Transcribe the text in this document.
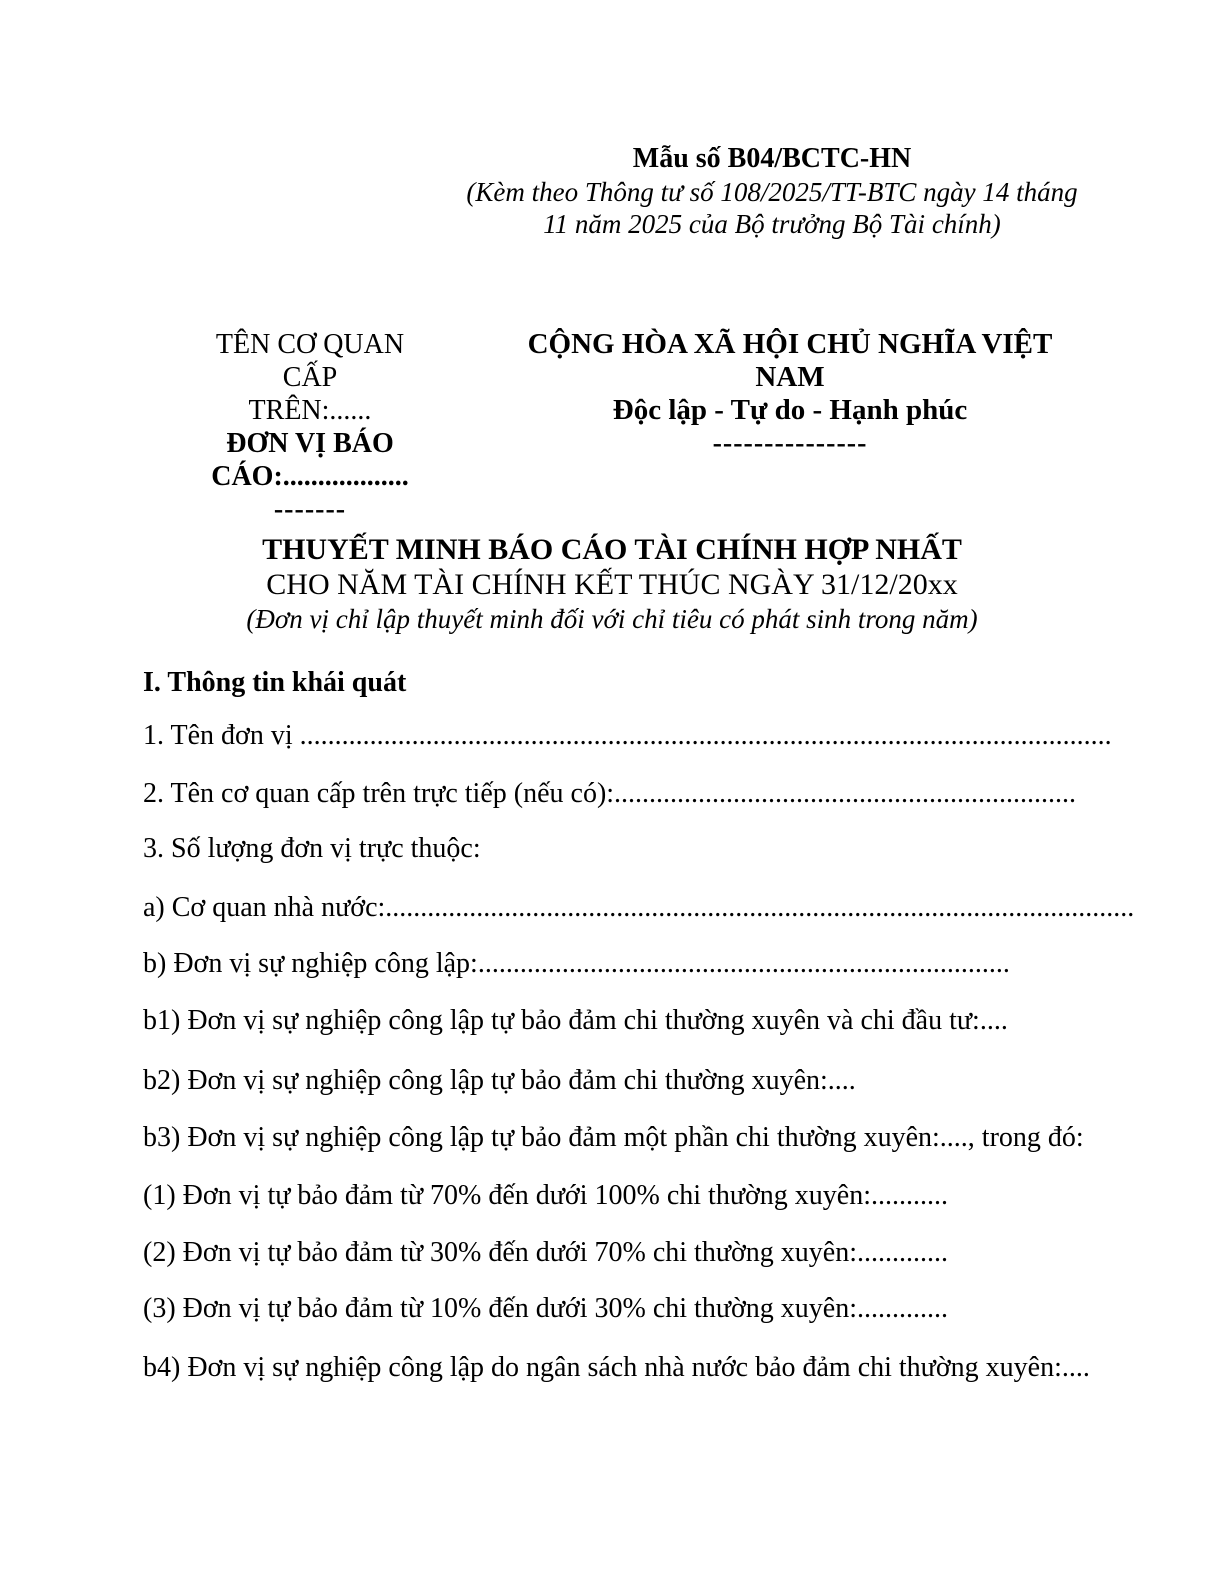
Mẫu số B04/BCTC-HN
(Kèm theo Thông tư số 108/2025/TT-BTC ngày 14 tháng
11 năm 2025 của Bộ trưởng Bộ Tài chính)
TÊN CƠ QUAN CẤP
TRÊN:......
ĐƠN VỊ BÁO
CÁO:..................
-------
CỘNG HÒA XÃ HỘI CHỦ NGHĨA VIỆT NAM
Độc lập - Tự do - Hạnh phúc
---------------
THUYẾT MINH BÁO CÁO TÀI CHÍNH HỢP NHẤT
CHO NĂM TÀI CHÍNH KẾT THÚC NGÀY 31/12/20xx
(Đơn vị chỉ lập thuyết minh đối với chỉ tiêu có phát sinh trong năm)

I. Thông tin khái quát

1. Tên đơn vị ....................................................................................................................

2. Tên cơ quan cấp trên trực tiếp (nếu có):..................................................................

3. Số lượng đơn vị trực thuộc:

a) Cơ quan nhà nước:...........................................................................................................

b) Đơn vị sự nghiệp công lập:............................................................................

b1) Đơn vị sự nghiệp công lập tự bảo đảm chi thường xuyên và chi đầu tư:....

b2) Đơn vị sự nghiệp công lập tự bảo đảm chi thường xuyên:....

b3) Đơn vị sự nghiệp công lập tự bảo đảm một phần chi thường xuyên:...., trong đó:

(1) Đơn vị tự bảo đảm từ 70% đến dưới 100% chi thường xuyên:...........

(2) Đơn vị tự bảo đảm từ 30% đến dưới 70% chi thường xuyên:.............

(3) Đơn vị tự bảo đảm từ 10% đến dưới 30% chi thường xuyên:.............

b4) Đơn vị sự nghiệp công lập do ngân sách nhà nước bảo đảm chi thường xuyên:....
